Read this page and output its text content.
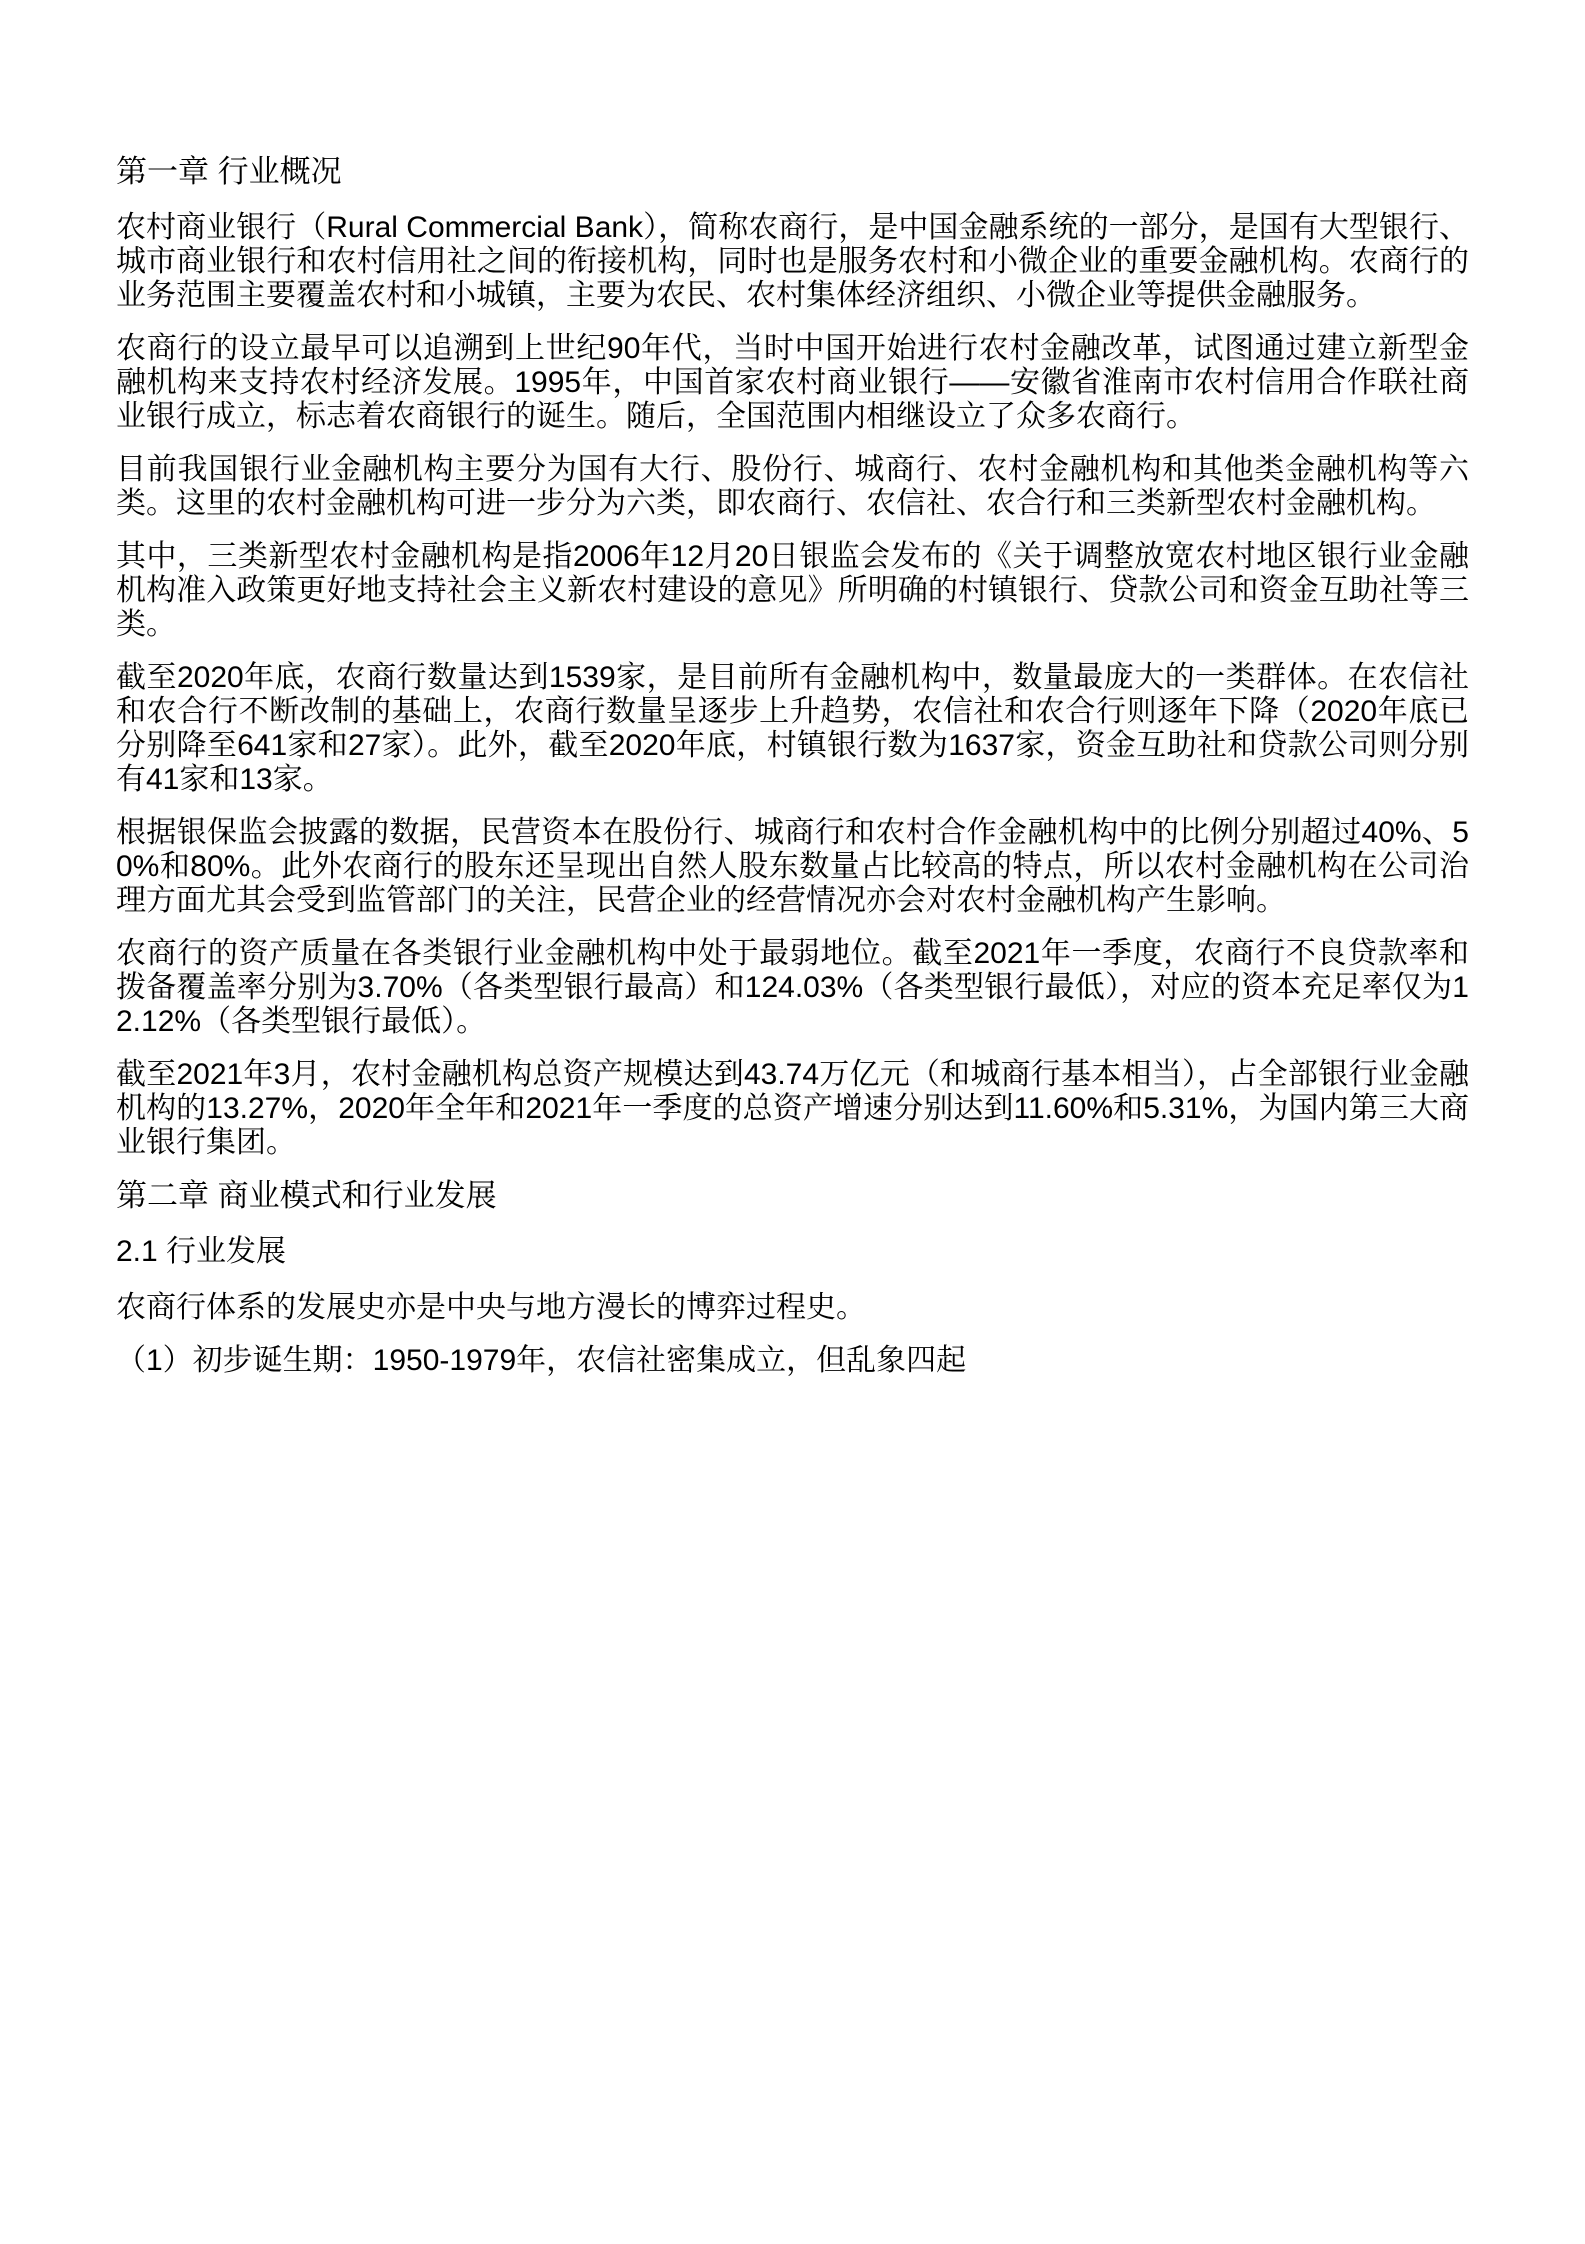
第一章 行业概况

农村商业银行（Rural Commercial Bank），简称农商行，是中国金融系统的一部分，是国有大型银行、城市商业银行和农村信用社之间的衔接机构，同时也是服务农村和小微企业的重要金融机构。农商行的业务范围主要覆盖农村和小城镇，主要为农民、农村集体经济组织、小微企业等提供金融服务。

农商行的设立最早可以追溯到上世纪90年代，当时中国开始进行农村金融改革，试图通过建立新型金融机构来支持农村经济发展。1995年，中国首家农村商业银行——安徽省淮南市农村信用合作联社商业银行成立，标志着农商银行的诞生。随后，全国范围内相继设立了众多农商行。

目前我国银行业金融机构主要分为国有大行、股份行、城商行、农村金融机构和其他类金融机构等六类。这里的农村金融机构可进一步分为六类，即农商行、农信社、农合行和三类新型农村金融机构。

其中，三类新型农村金融机构是指2006年12月20日银监会发布的《关于调整放宽农村地区银行业金融机构准入政策更好地支持社会主义新农村建设的意见》所明确的村镇银行、贷款公司和资金互助社等三类。

截至2020年底，农商行数量达到1539家，是目前所有金融机构中，数量最庞大的一类群体。在农信社和农合行不断改制的基础上，农商行数量呈逐步上升趋势，农信社和农合行则逐年下降（2020年底已分别降至641家和27家）。此外，截至2020年底，村镇银行数为1637家，资金互助社和贷款公司则分别有41家和13家。

根据银保监会披露的数据，民营资本在股份行、城商行和农村合作金融机构中的比例分别超过40%、50%和80%。此外农商行的股东还呈现出自然人股东数量占比较高的特点，所以农村金融机构在公司治理方面尤其会受到监管部门的关注，民营企业的经营情况亦会对农村金融机构产生影响。

农商行的资产质量在各类银行业金融机构中处于最弱地位。截至2021年一季度，农商行不良贷款率和拨备覆盖率分别为3.70%（各类型银行最高）和124.03%（各类型银行最低），对应的资本充足率仅为12.12%（各类型银行最低）。

截至2021年3月，农村金融机构总资产规模达到43.74万亿元（和城商行基本相当），占全部银行业金融机构的13.27%，2020年全年和2021年一季度的总资产增速分别达到11.60%和5.31%，为国内第三大商业银行集团。

第二章 商业模式和行业发展
2.1 行业发展

农商行体系的发展史亦是中央与地方漫长的博弈过程史。

（1）初步诞生期：1950-1979年，农信社密集成立，但乱象四起
